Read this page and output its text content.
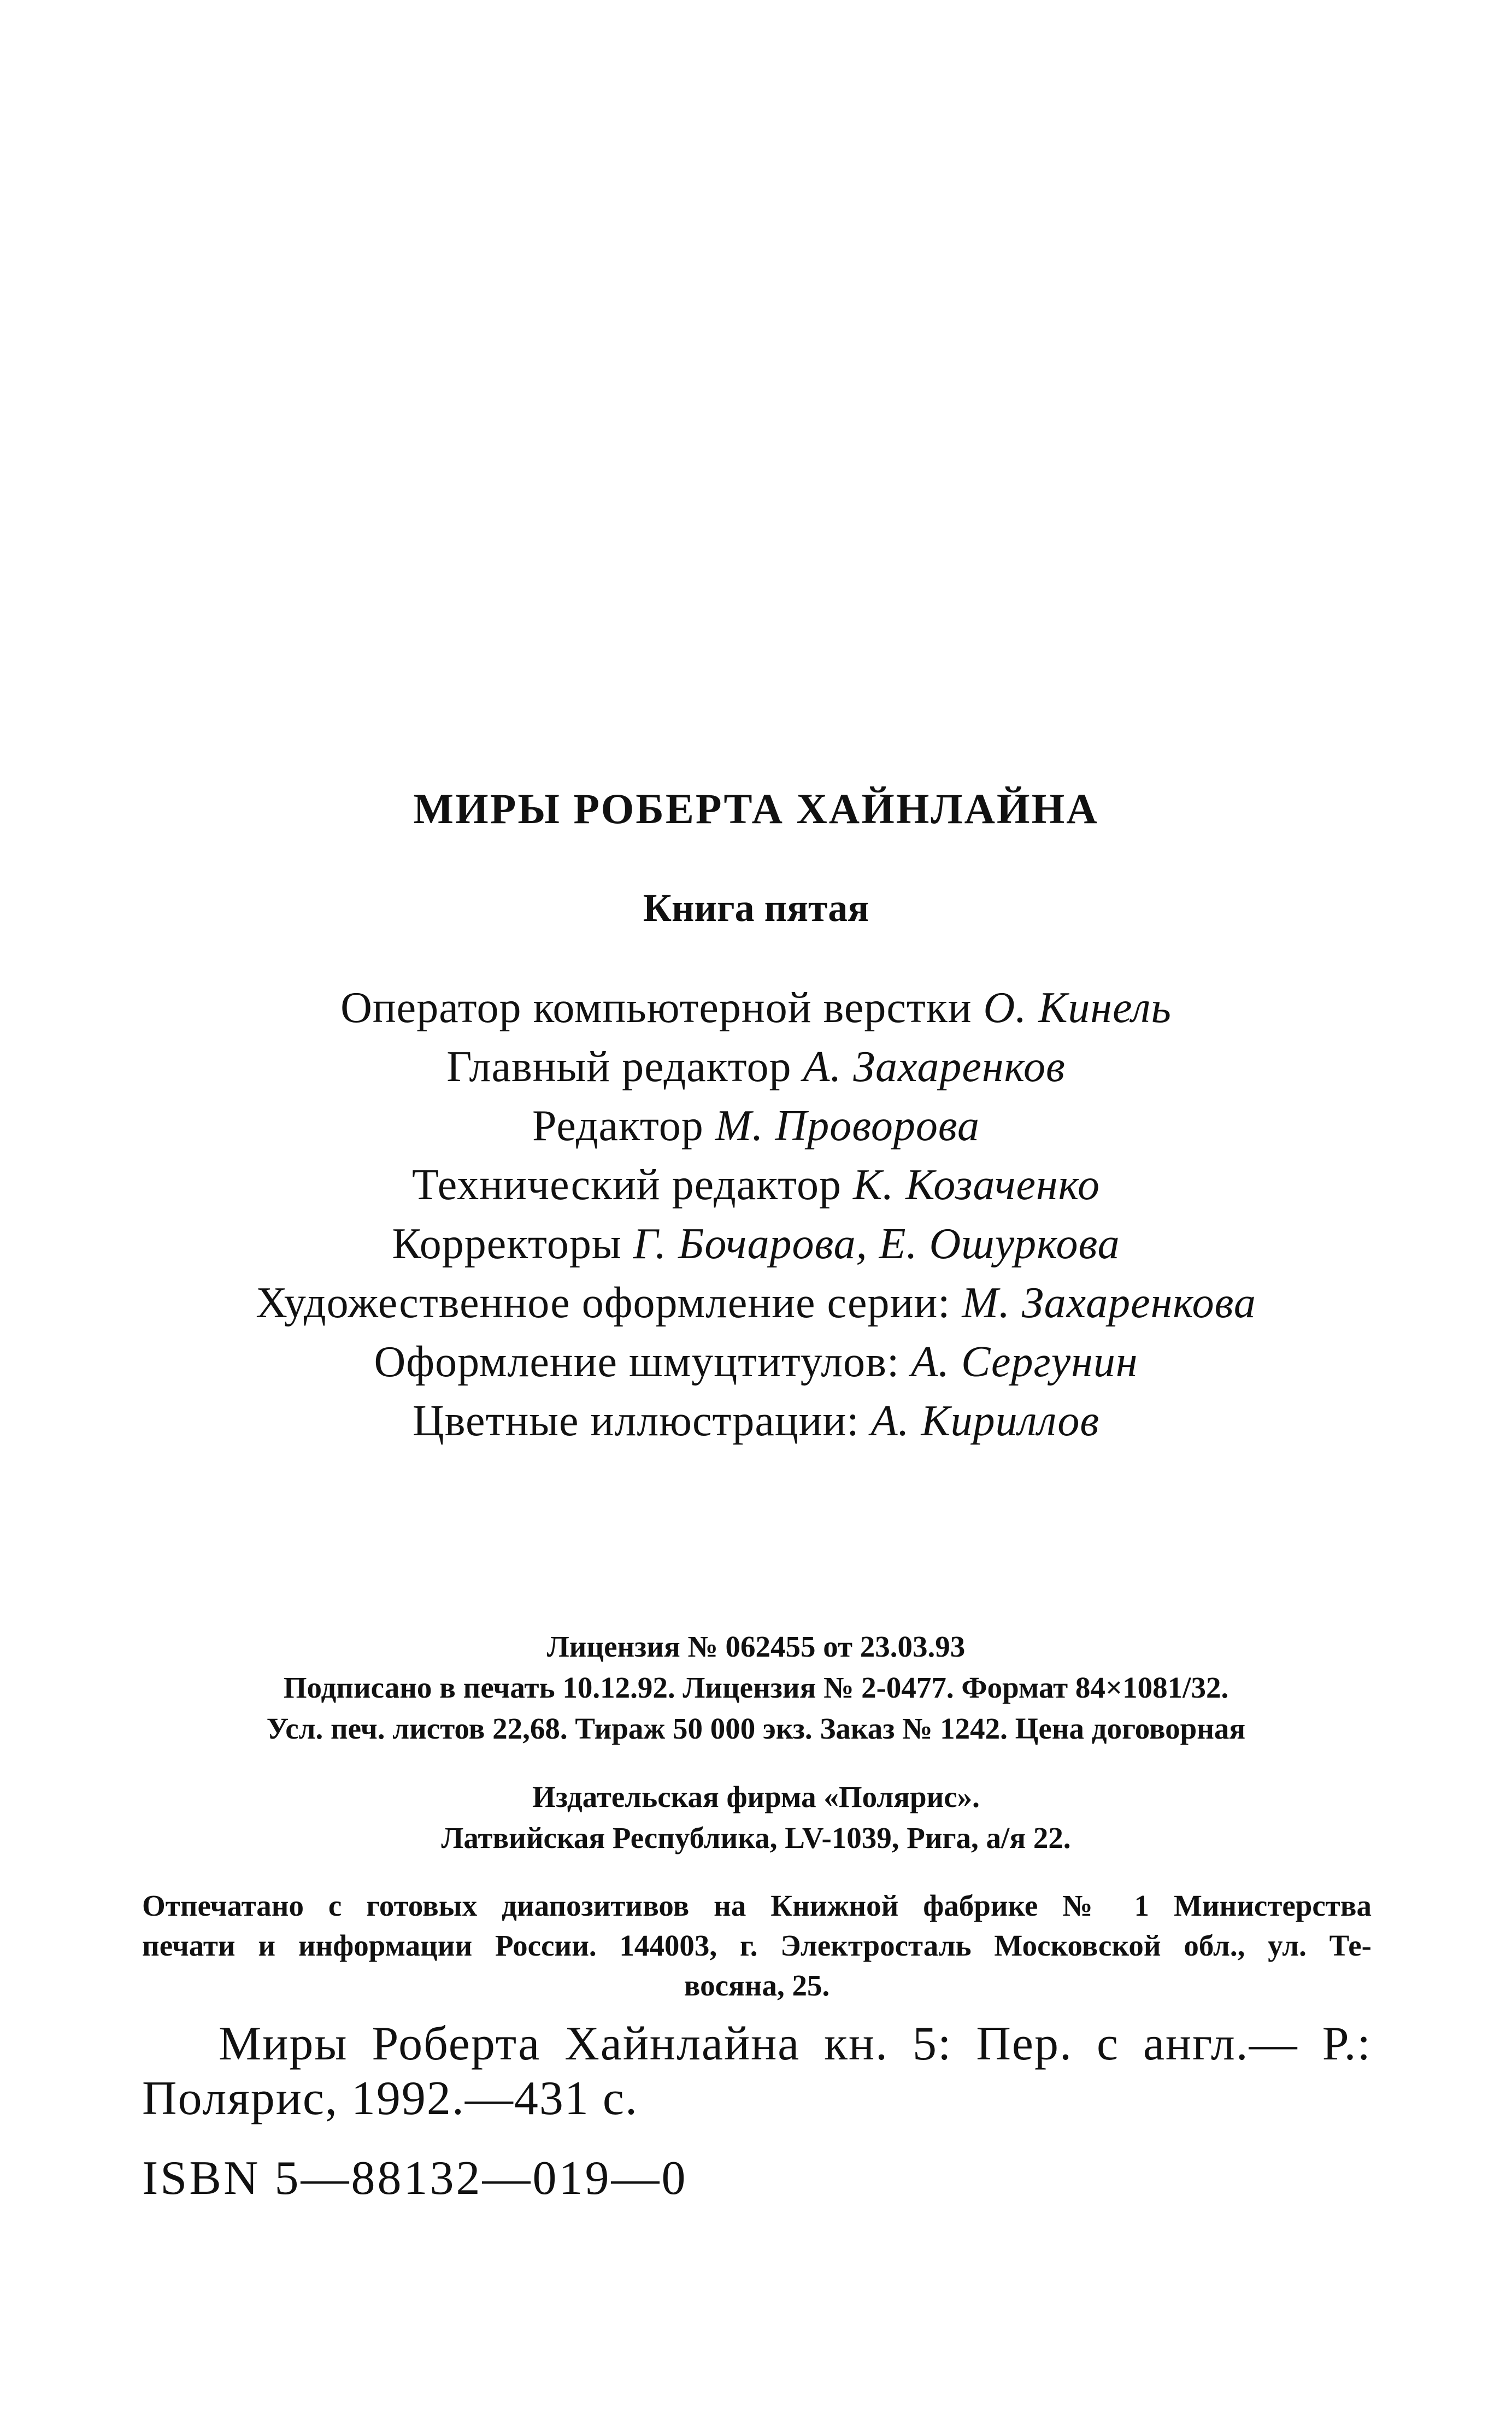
МИРЫ РОБЕРТА ХАЙНЛАЙНА
Книга пятая
Оператор компьютерной верстки О. Кинель
Главный редактор А. Захаренков
Редактор М. Проворова
Технический редактор К. Козаченко
Корректоры Г. Бочарова, Е. Ошуркова
Художественное оформление серии: М. Захаренкова
Оформление шмуцтитулов: А. Сергунин
Цветные иллюстрации: А. Кириллов
Лицензия № 062455 от 23.03.93
Подписано в печать 10.12.92. Лицензия № 2-0477. Формат 84×1081/32.
Усл. печ. листов 22,68. Тираж 50 000 экз. Заказ № 1242. Цена договорная
Издательская фирма «Полярис».
Латвийская Республика, LV-1039, Рига, а/я 22.
Отпечатано с готовых диапозитивов на Книжной фабрике № 1 Министерства
печати и информации России. 144003, г. Электросталь Московской обл., ул. Те-
восяна, 25.
Миры Роберта Хайнлайна кн. 5: Пер. с англ.— Р.:
Полярис, 1992.—431 с.
ISBN 5—88132—019—0
